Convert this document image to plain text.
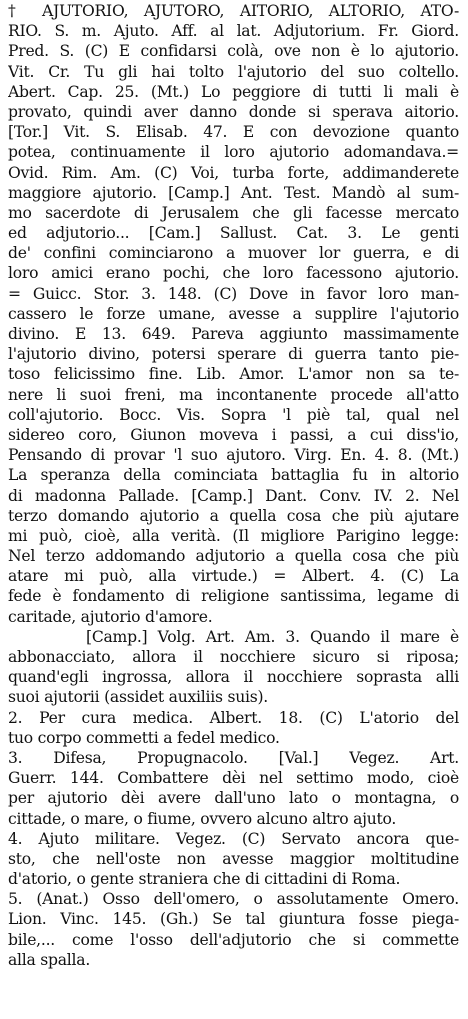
† AJUTORIO, AJUTORO, AITORIO, ALTORIO, ATO-
RIO. S. m. Ajuto. Aff. al lat. Adjutorium. Fr. Giord.
Pred. S. (C) E confidarsi colà, ove non è lo ajutorio.
Vit. Cr. Tu gli hai tolto l'ajutorio del suo coltello.
Abert. Cap. 25. (Mt.) Lo peggiore di tutti li mali è
provato, quindi aver danno donde si sperava aitorio.
[Tor.] Vit. S. Elisab. 47. E con devozione quanto
potea, continuamente il loro ajutorio adomandava.=
Ovid. Rim. Am. (C) Voi, turba forte, addimanderete
maggiore ajutorio. [Camp.] Ant. Test. Mandò al sum-
mo sacerdote di Jerusalem che gli facesse mercato
ed adjutorio... [Cam.] Sallust. Cat. 3. Le genti
de' confini cominciarono a muover lor guerra, e di
loro amici erano pochi, che loro facessono ajutorio.
= Guicc. Stor. 3. 148. (C) Dove in favor loro man-
cassero le forze umane, avesse a supplire l'ajutorio
divino. E 13. 649. Pareva aggiunto massimamente
l'ajutorio divino, potersi sperare di guerra tanto pie-
toso felicissimo fine. Lib. Amor. L'amor non sa te-
nere li suoi freni, ma incontanente procede all'atto
coll'ajutorio. Bocc. Vis. Sopra 'l piè tal, qual nel
sidereo coro, Giunon moveva i passi, a cui diss'io,
Pensando di provar 'l suo ajutoro. Virg. En. 4. 8. (Mt.)
La speranza della cominciata battaglia fu in altorio
di madonna Pallade. [Camp.] Dant. Conv. IV. 2. Nel
terzo domando ajutorio a quella cosa che più ajutare
mi può, cioè, alla verità. (Il migliore Parigino legge:
Nel terzo addomando adjutorio a quella cosa che più
atare mi può, alla virtude.) = Albert. 4. (C) La
fede è fondamento di religione santissima, legame di
caritade, ajutorio d'amore.
[Camp.] Volg. Art. Am. 3. Quando il mare è
abbonacciato, allora il nocchiere sicuro si riposa;
quand'egli ingrossa, allora il nocchiere soprasta alli
suoi ajutorii (assidet auxiliis suis).
2. Per cura medica. Albert. 18. (C) L'atorio del
tuo corpo commetti a fedel medico.
3. Difesa, Propugnacolo. [Val.] Vegez. Art.
Guerr. 144. Combattere dèi nel settimo modo, cioè
per ajutorio dèi avere dall'uno lato o montagna, o
cittade, o mare, o fiume, ovvero alcuno altro ajuto.
4. Ajuto militare. Vegez. (C) Servato ancora que-
sto, che nell'oste non avesse maggior moltitudine
d'atorio, o gente straniera che di cittadini di Roma.
5. (Anat.) Osso dell'omero, o assolutamente Omero.
Lion. Vinc. 145. (Gh.) Se tal giuntura fosse piega-
bile,... come l'osso dell'adjutorio che si commette
alla spalla.
